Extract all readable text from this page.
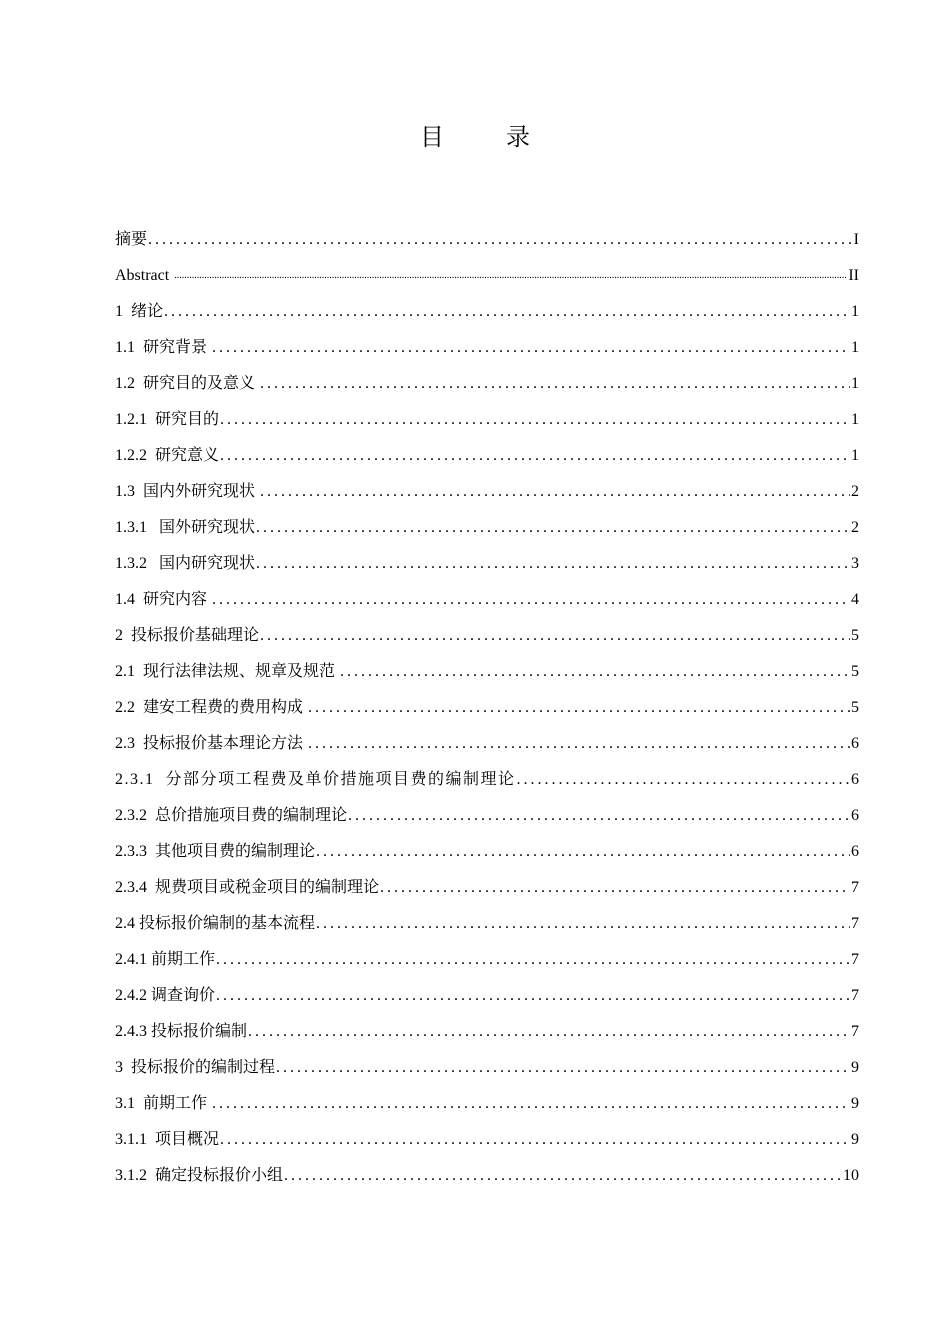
目 录
摘要 .....	I
Abstract .....	II
1  绪论 .....	1
1.1  研究背景 .....	1
1.2  研究目的及意义 .....	1
1.2.1  研究目的 .....	1
1.2.2  研究意义 .....	1
1.3  国内外研究现状 .....	2
1.3.1   国外研究现状 .....	2
1.3.2   国内研究现状 .....	3
1.4  研究内容 .....	4
2  投标报价基础理论 .....	5
2.1  现行法律法规、规章及规范 .....	5
2.2  建安工程费的费用构成 .....	5
2.3  投标报价基本理论方法 .....	6
2.3.1  分部分项工程费及单价措施项目费的编制理论 .....	6
2.3.2  总价措施项目费的编制理论 .....	6
2.3.3  其他项目费的编制理论 .....	6
2.3.4  规费项目或税金项目的编制理论 .....	7
2.4 投标报价编制的基本流程 .....	7
2.4.1 前期工作 .....	7
2.4.2 调查询价 .....	7
2.4.3 投标报价编制 .....	7
3  投标报价的编制过程 .....	9
3.1  前期工作 .....	9
3.1.1  项目概况 .....	9
3.1.2  确定投标报价小组 .....	10
